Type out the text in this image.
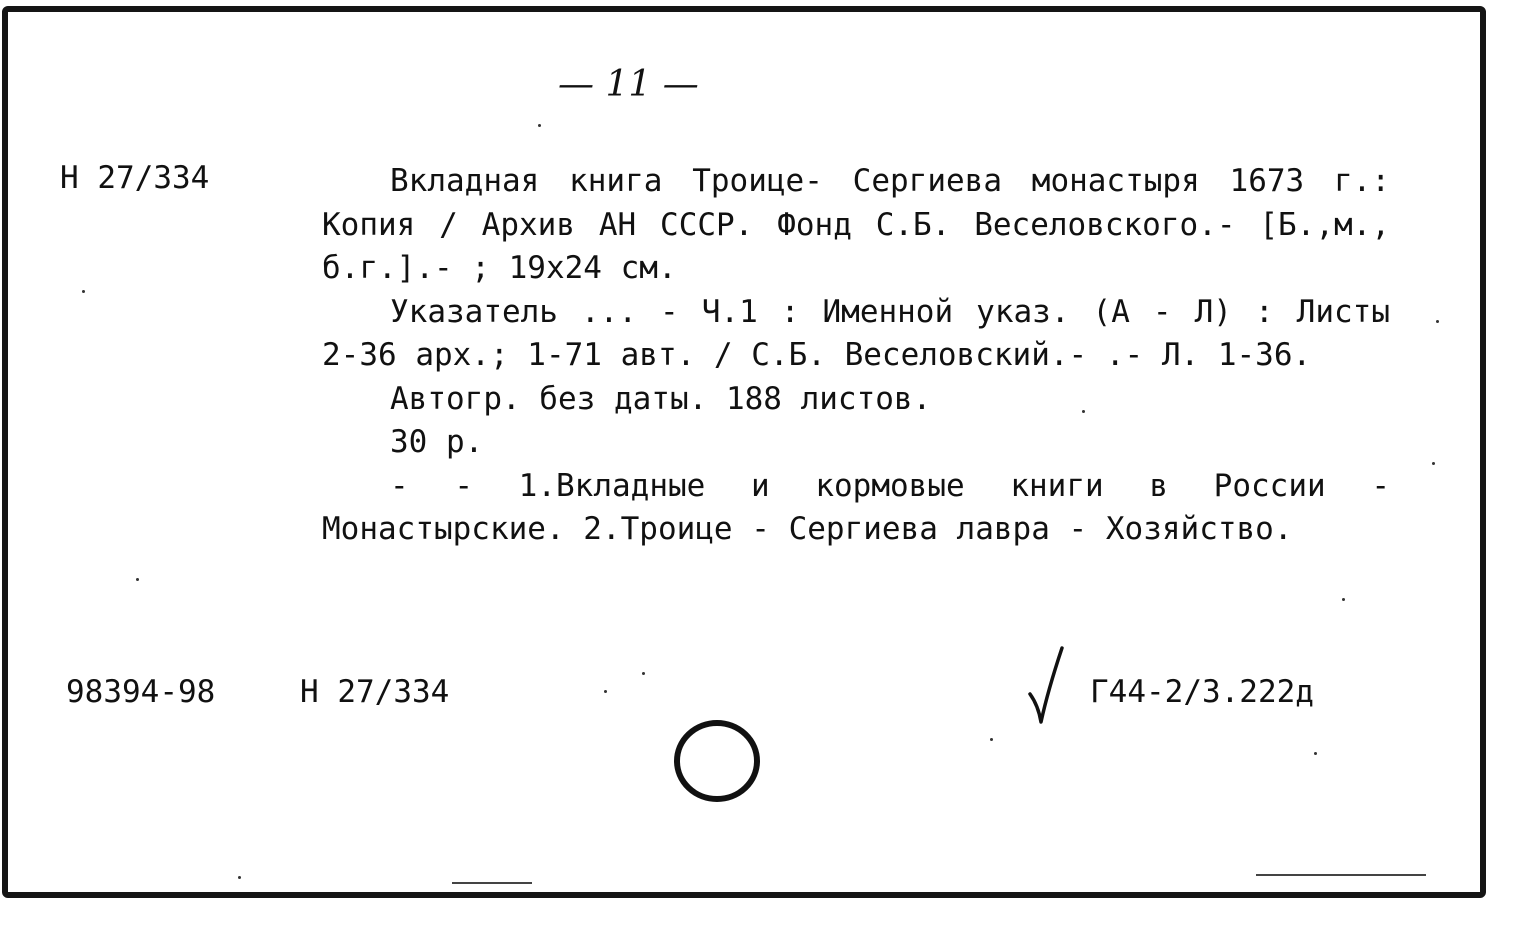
— 11 —
Н 27/334	Вкладная книга Троице- Сергиева монастыря 1673 г.: Копия / Архив АН СССР. Фонд С.Б. Веселовского.- [Б.,м., б.г.].- ; 19х24 см.

Указатель ... - Ч.1 : Именной указ. (А - Л) : Листы 2-36 арх.; 1-71 авт. / С.Б. Веселовский.- .- Л. 1-36.

Автогр. без даты. 188 листов.

30 р.

- - 1.Вкладные и кормовые книги в России - Монастырские. 2.Троице - Сергиева лавра - Хозяйство.

98394-98	Н 27/334	Г44-2/3.222д
